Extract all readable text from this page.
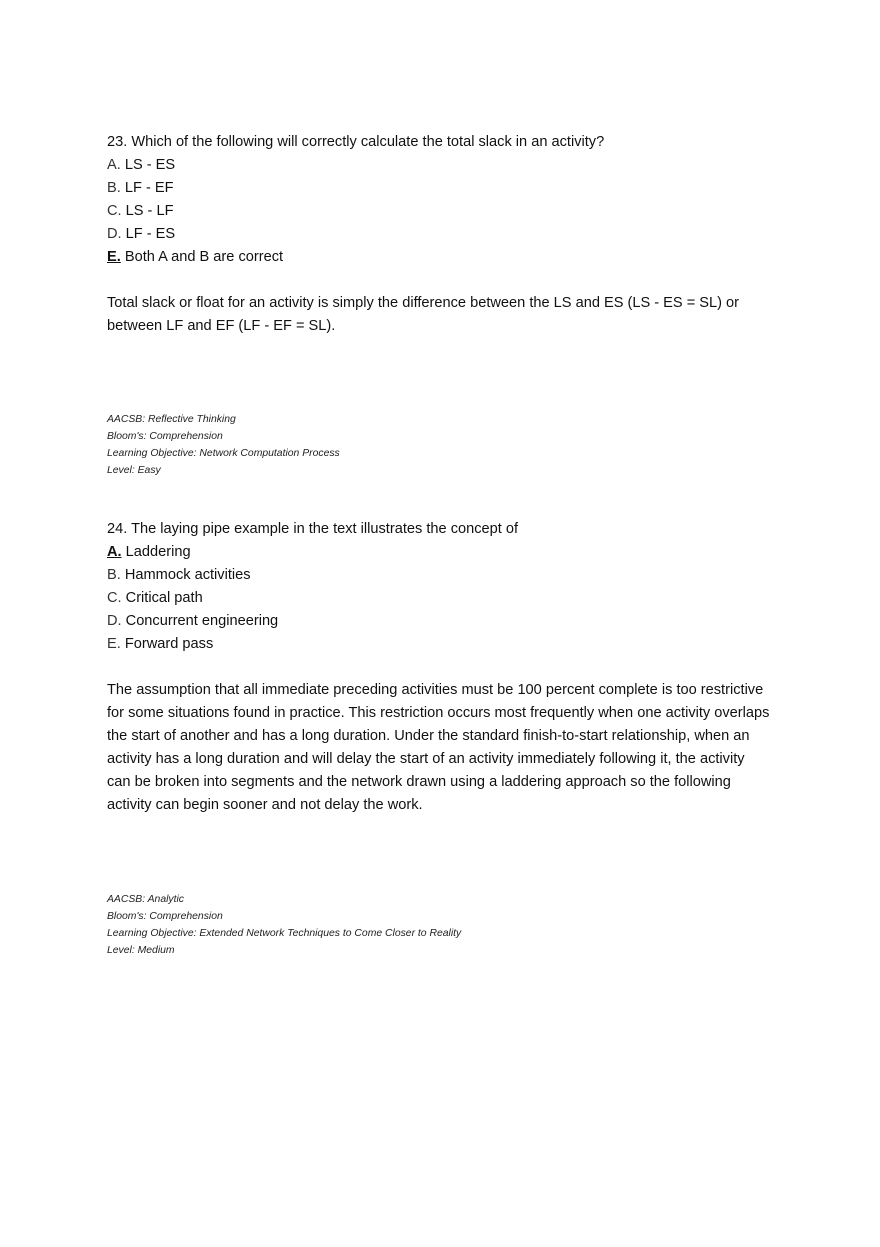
23. Which of the following will correctly calculate the total slack in an activity?

A. LS - ES

B. LF - EF

C. LS - LF

D. LF - ES

E. Both A and B are correct

Total slack or float for an activity is simply the difference between the LS and ES (LS - ES = SL) or between LF and EF (LF - EF = SL).

AACSB: Reflective Thinking
Bloom's: Comprehension
Learning Objective: Network Computation Process
Level: Easy

24. The laying pipe example in the text illustrates the concept of

A. Laddering

B. Hammock activities

C. Critical path

D. Concurrent engineering

E. Forward pass

The assumption that all immediate preceding activities must be 100 percent complete is too restrictive for some situations found in practice. This restriction occurs most frequently when one activity overlaps the start of another and has a long duration. Under the standard finish-to-start relationship, when an activity has a long duration and will delay the start of an activity immediately following it, the activity can be broken into segments and the network drawn using a laddering approach so the following activity can begin sooner and not delay the work.

AACSB: Analytic
Bloom's: Comprehension
Learning Objective: Extended Network Techniques to Come Closer to Reality
Level: Medium
